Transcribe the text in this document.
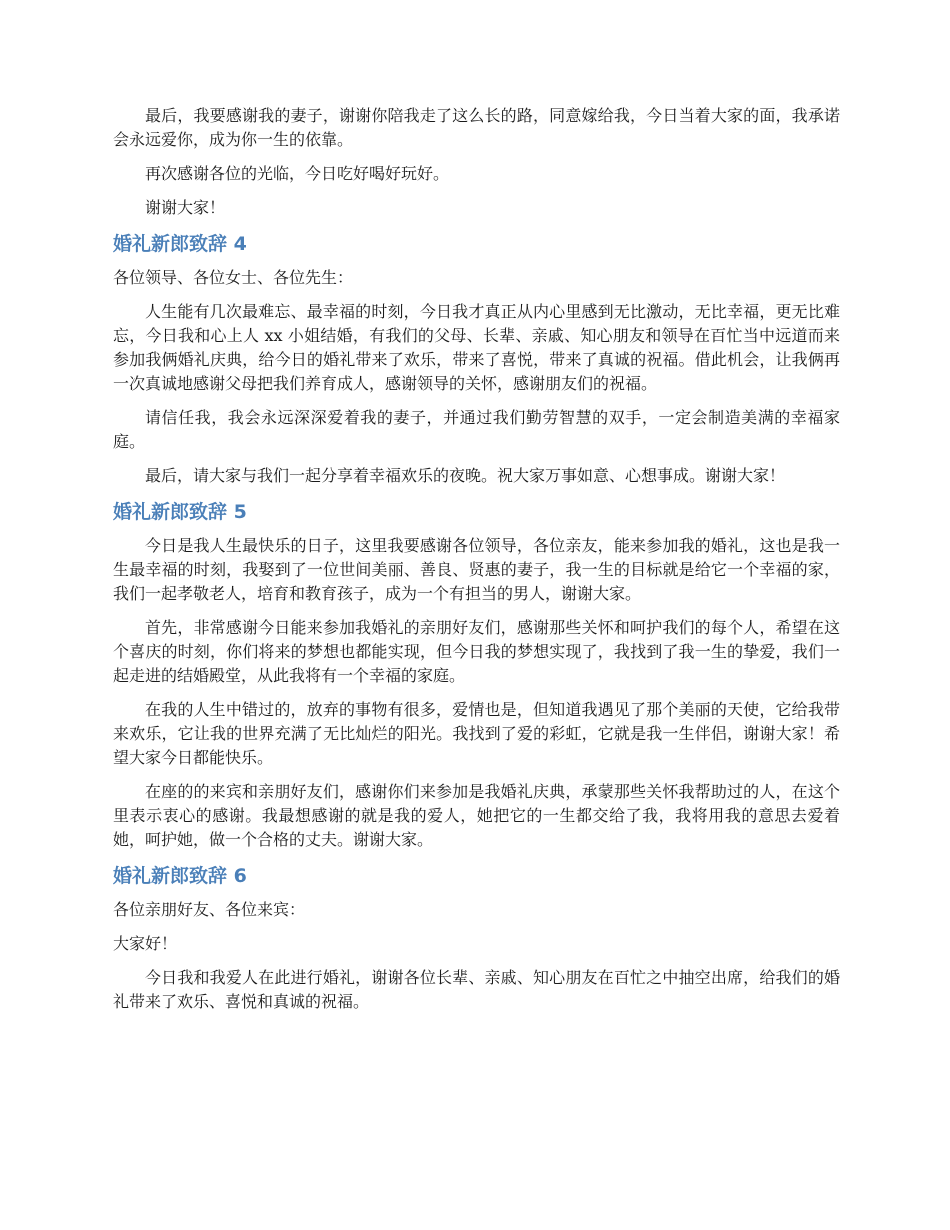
最后，我要感谢我的妻子，谢谢你陪我走了这么长的路，同意嫁给我，今日当着大家的面，我承诺会永远爱你，成为你一生的依靠。

再次感谢各位的光临，今日吃好喝好玩好。

谢谢大家！

婚礼新郎致辞 4

各位领导、各位女士、各位先生：

人生能有几次最难忘、最幸福的时刻，今日我才真正从内心里感到无比激动，无比幸福，更无比难忘，今日我和心上人 xx 小姐结婚，有我们的父母、长辈、亲戚、知心朋友和领导在百忙当中远道而来参加我俩婚礼庆典，给今日的婚礼带来了欢乐，带来了喜悦，带来了真诚的祝福。借此机会，让我俩再一次真诚地感谢父母把我们养育成人，感谢领导的关怀，感谢朋友们的祝福。

请信任我，我会永远深深爱着我的妻子，并通过我们勤劳智慧的双手，一定会制造美满的幸福家庭。

最后，请大家与我们一起分享着幸福欢乐的夜晚。祝大家万事如意、心想事成。谢谢大家！

婚礼新郎致辞 5

今日是我人生最快乐的日子，这里我要感谢各位领导，各位亲友，能来参加我的婚礼，这也是我一生最幸福的时刻，我娶到了一位世间美丽、善良、贤惠的妻子，我一生的目标就是给它一个幸福的家，我们一起孝敬老人，培育和教育孩子，成为一个有担当的男人，谢谢大家。

首先，非常感谢今日能来参加我婚礼的亲朋好友们，感谢那些关怀和呵护我们的每个人，希望在这个喜庆的时刻，你们将来的梦想也都能实现，但今日我的梦想实现了，我找到了我一生的挚爱，我们一起走进的结婚殿堂，从此我将有一个幸福的家庭。

在我的人生中错过的，放弃的事物有很多，爱情也是，但知道我遇见了那个美丽的天使，它给我带来欢乐，它让我的世界充满了无比灿烂的阳光。我找到了爱的彩虹，它就是我一生伴侣，谢谢大家！希望大家今日都能快乐。

在座的的来宾和亲朋好友们，感谢你们来参加是我婚礼庆典，承蒙那些关怀我帮助过的人，在这个里表示衷心的感谢。我最想感谢的就是我的爱人，她把它的一生都交给了我，我将用我的意思去爱着她，呵护她，做一个合格的丈夫。谢谢大家。

婚礼新郎致辞 6

各位亲朋好友、各位来宾：

大家好！

今日我和我爱人在此进行婚礼，谢谢各位长辈、亲戚、知心朋友在百忙之中抽空出席，给我们的婚礼带来了欢乐、喜悦和真诚的祝福。
